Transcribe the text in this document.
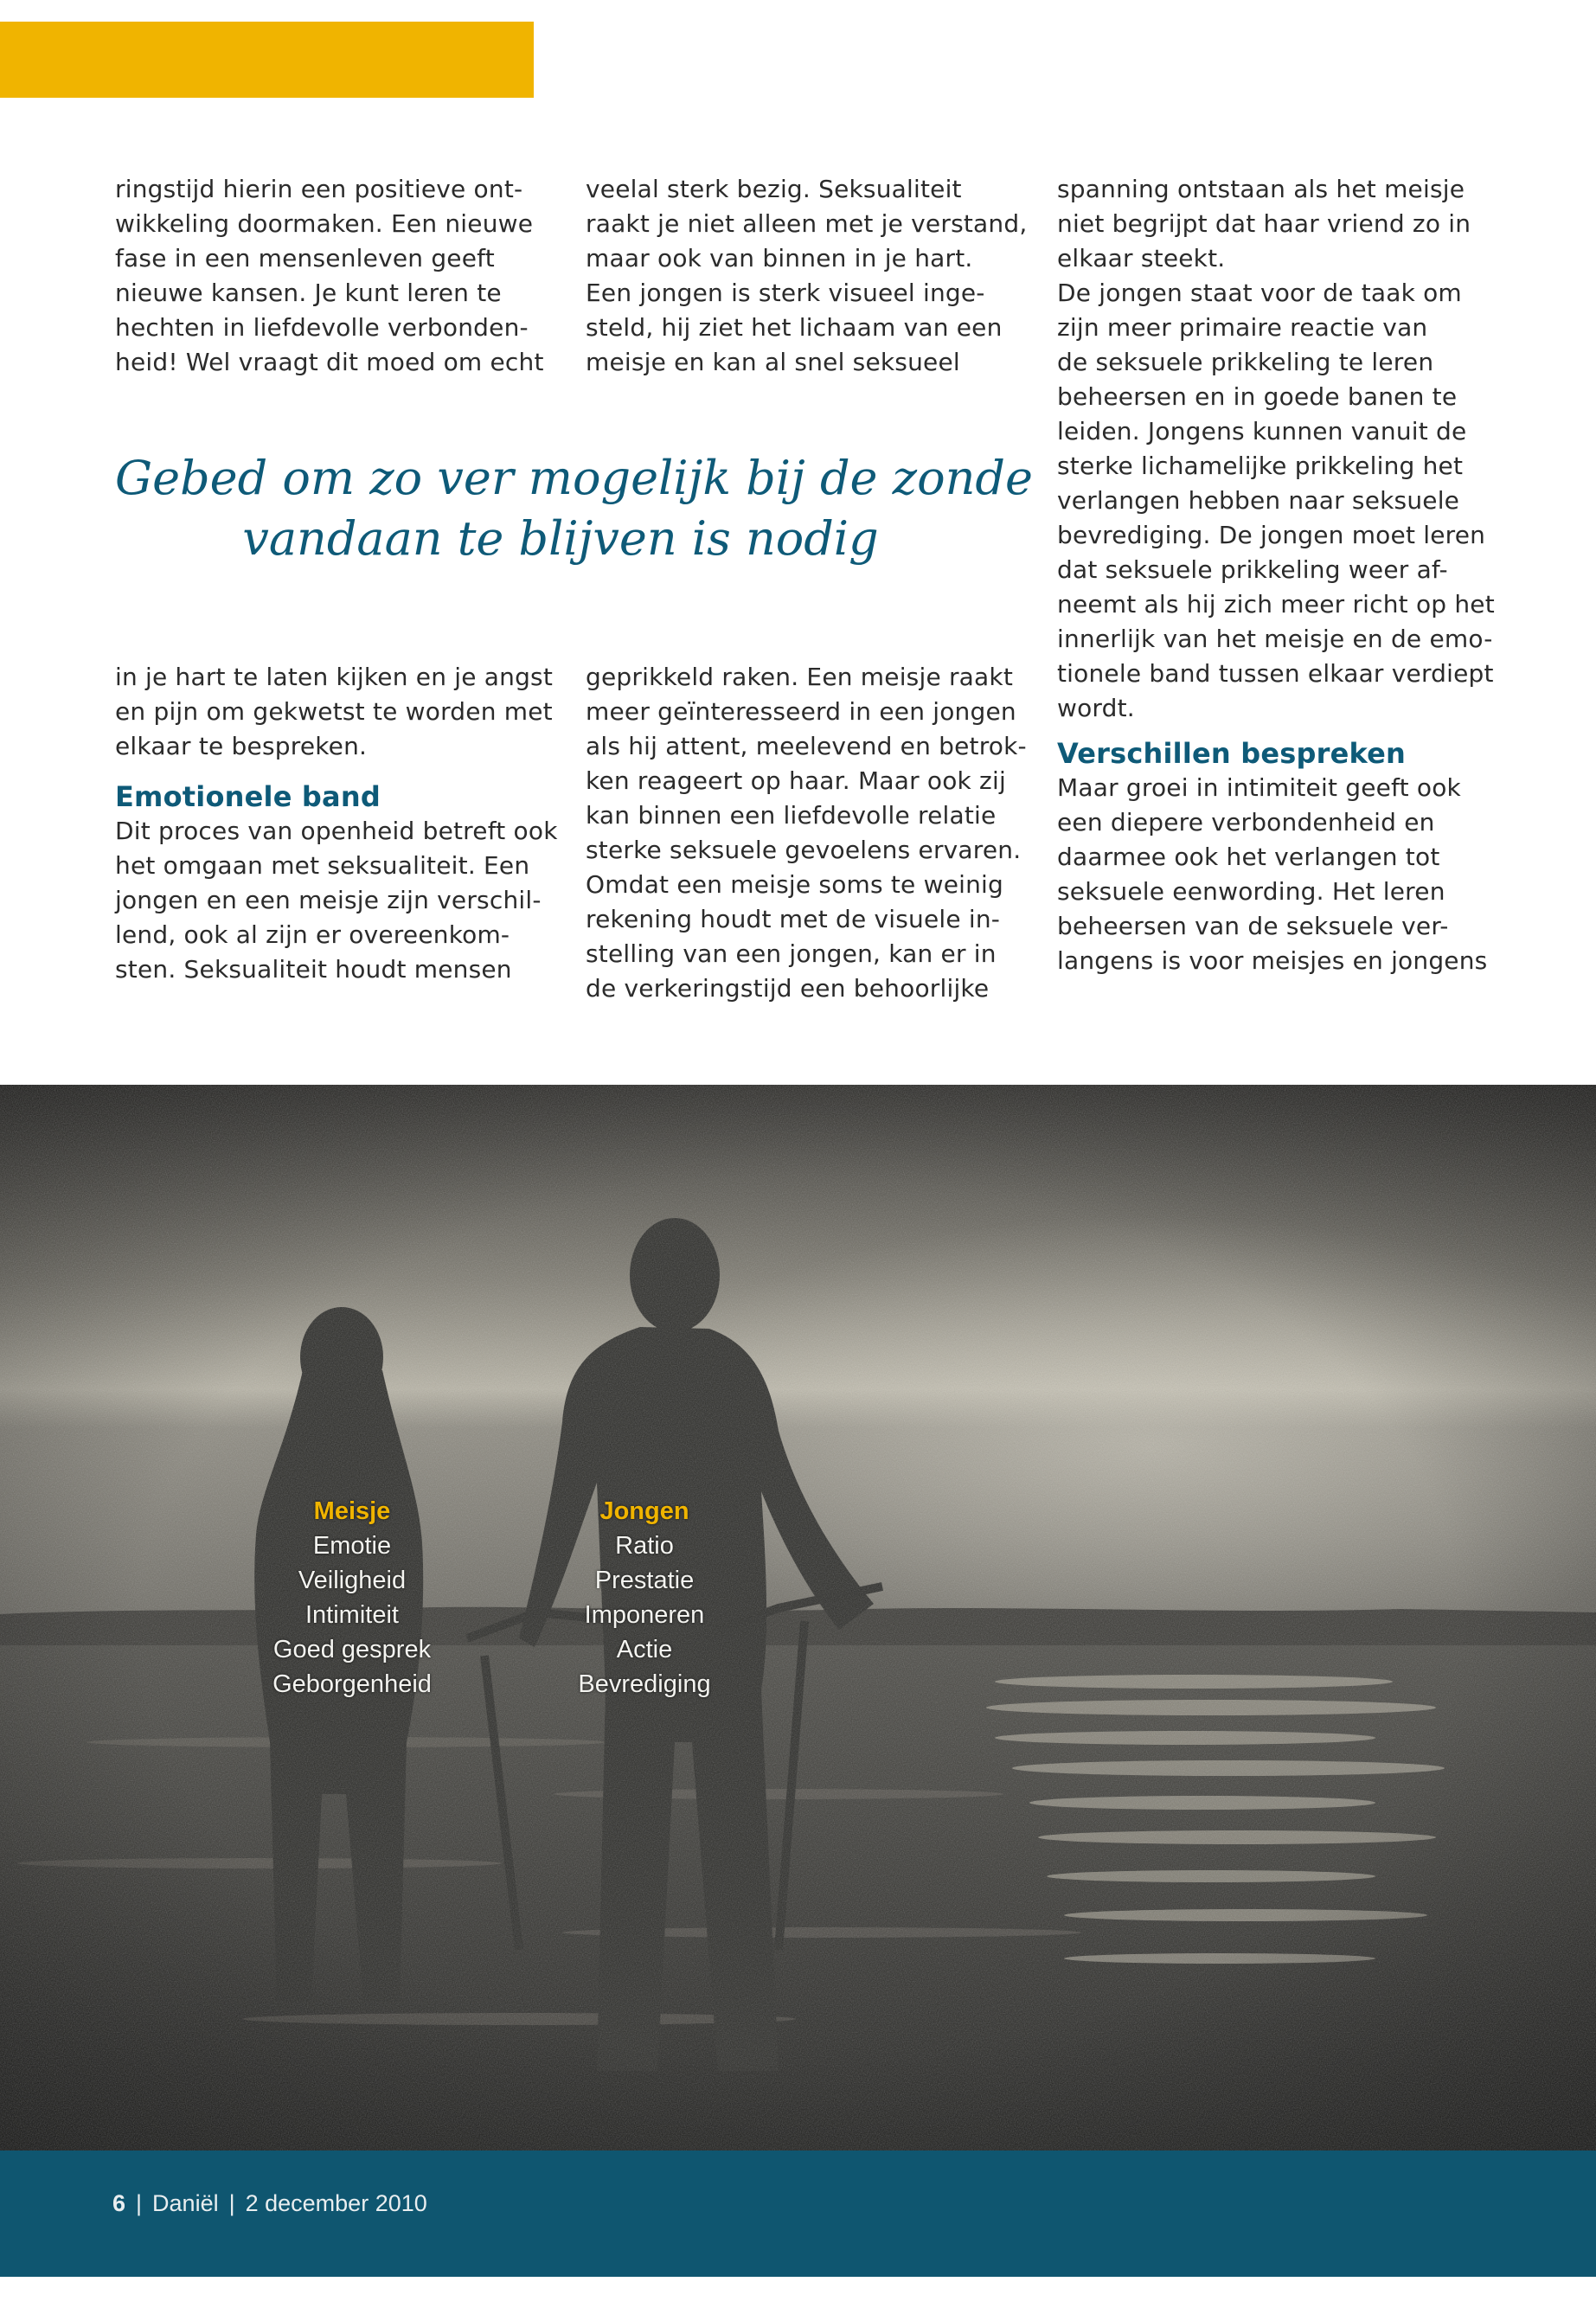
ringstijd hierin een positieve ont-
wikkeling doormaken. Een nieuwe
fase in een mensenleven geeft
nieuwe kansen. Je kunt leren te
hechten in liefdevolle verbonden-
heid! Wel vraagt dit moed om echt
veelal sterk bezig. Seksualiteit
raakt je niet alleen met je verstand,
maar ook van binnen in je hart.
Een jongen is sterk visueel inge-
steld, hij ziet het lichaam van een
meisje en kan al snel seksueel
spanning ontstaan als het meisje
niet begrijpt dat haar vriend zo in
elkaar steekt.
De jongen staat voor de taak om
zijn meer primaire reactie van
de seksuele prikkeling te leren
beheersen en in goede banen te
leiden. Jongens kunnen vanuit de
sterke lichamelijke prikkeling het
verlangen hebben naar seksuele
bevrediging. De jongen moet leren
dat seksuele prikkeling weer af-
neemt als hij zich meer richt op het
innerlijk van het meisje en de emo-
tionele band tussen elkaar verdiept
wordt.
Verschillen bespreken
Maar groei in intimiteit geeft ook
een diepere verbondenheid en
daarmee ook het verlangen tot
seksuele eenwording. Het leren
beheersen van de seksuele ver-
langens is voor meisjes en jongens
Gebed om zo ver mogelijk bij de zonde
vandaan te blijven is nodig
in je hart te laten kijken en je angst
en pijn om gekwetst te worden met
elkaar te bespreken.
Emotionele band
Dit proces van openheid betreft ook
het omgaan met seksualiteit. Een
jongen en een meisje zijn verschil-
lend, ook al zijn er overeenkom-
sten. Seksualiteit houdt mensen
geprikkeld raken. Een meisje raakt
meer geïnteresseerd in een jongen
als hij attent, meelevend en betrok-
ken reageert op haar. Maar ook zij
kan binnen een liefdevolle relatie
sterke seksuele gevoelens ervaren.
Omdat een meisje soms te weinig
rekening houdt met de visuele in-
stelling van een jongen, kan er in
de verkeringstijd een behoorlijke
Meisje
Emotie
Veiligheid
Intimiteit
Goed gesprek
Geborgenheid
Jongen
Ratio
Prestatie
Imponeren
Actie
Bevrediging
6 | Daniël | 2 december 2010
